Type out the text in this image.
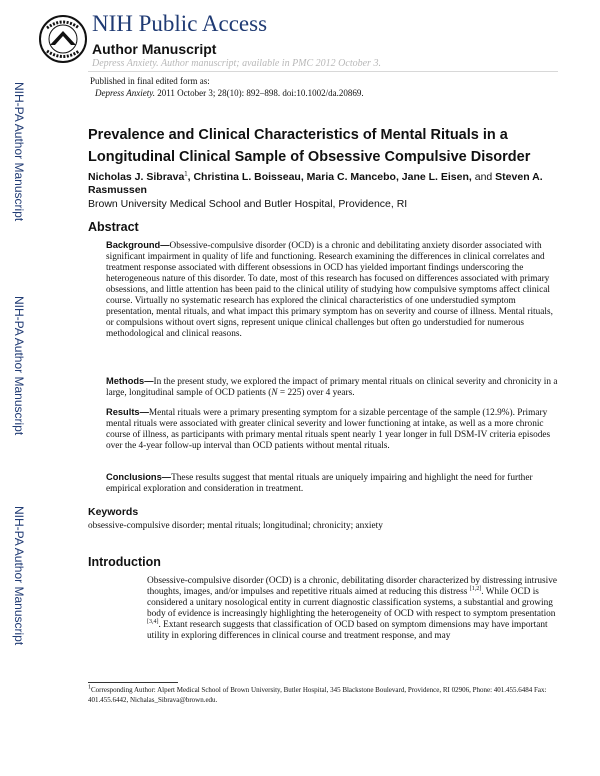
NIH Public Access
Author Manuscript
Depress Anxiety. Author manuscript; available in PMC 2012 October 3.
Published in final edited form as:
Depress Anxiety. 2011 October 3; 28(10): 892–898. doi:10.1002/da.20869.
NIH-PA Author Manuscript
NIH-PA Author Manuscript
NIH-PA Author Manuscript
Prevalence and Clinical Characteristics of Mental Rituals in a Longitudinal Clinical Sample of Obsessive Compulsive Disorder
Nicholas J. Sibrava$^1$, Christina L. Boisseau, Maria C. Mancebo, Jane L. Eisen, and Steven A. Rasmussen
Brown University Medical School and Butler Hospital, Providence, RI
Abstract

Background—Obsessive-compulsive disorder (OCD) is a chronic and debilitating anxiety disorder associated with significant impairment in quality of life and functioning. Research examining the differences in clinical correlates and treatment response associated with different obsessions in OCD has yielded important findings underscoring the heterogeneous nature of this disorder. To date, most of this research has focused on differences associated with primary obsessions, and little attention has been paid to the clinical utility of studying how compulsive symptoms affect clinical course. Virtually no systematic research has explored the clinical characteristics of one understudied symptom presentation, mental rituals, and what impact this primary symptom has on severity and course of illness. Mental rituals, or compulsions without overt signs, represent unique clinical challenges but often go understudied for numerous methodological and clinical reasons.

Methods—In the present study, we explored the impact of primary mental rituals on clinical severity and chronicity in a large, longitudinal sample of OCD patients (N = 225) over 4 years.

Results—Mental rituals were a primary presenting symptom for a sizable percentage of the sample (12.9%). Primary mental rituals were associated with greater clinical severity and lower functioning at intake, as well as a more chronic course of illness, as participants with primary mental rituals spent nearly 1 year longer in full DSM-IV criteria episodes over the 4-year follow-up interval than OCD patients without mental rituals.

Conclusions—These results suggest that mental rituals are uniquely impairing and highlight the need for further empirical exploration and consideration in treatment.

Keywords
obsessive-compulsive disorder; mental rituals; longitudinal; chronicity; anxiety
Introduction

Obsessive-compulsive disorder (OCD) is a chronic, debilitating disorder characterized by distressing intrusive thoughts, images, and/or impulses and repetitive rituals aimed at reducing this distress [1,2]. While OCD is considered a unitary nosological entity in current diagnostic classification systems, a substantial and growing body of evidence is increasingly highlighting the heterogeneity of OCD with respect to symptom presentation [3,4]. Extant research suggests that classification of OCD based on symptom dimensions may have important utility in exploring differences in clinical course and treatment response, and may

$^1$Corresponding Author: Alpert Medical School of Brown University, Butler Hospital, 345 Blackstone Boulevard, Providence, RI 02906, Phone: 401.455.6484 Fax: 401.455.6442, Nichalas_Sibrava@brown.edu.
